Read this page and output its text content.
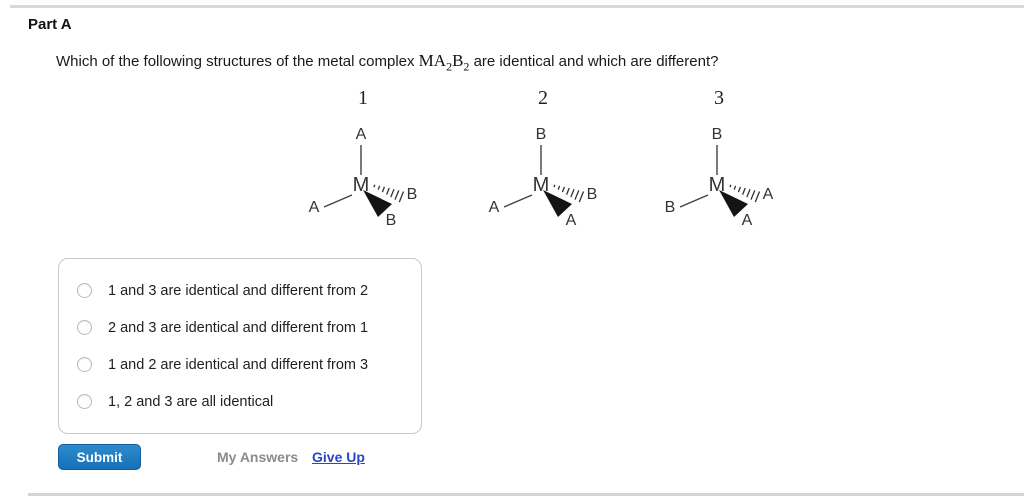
Part A
Which of the following structures of the metal complex $MA_2B_2$ are identical and which are different?
1
A
A
M B
B
2
B
A
M B
A
3
B
B
M A
A
1 and 3 are identical and different from 2
2 and 3 are identical and different from 1
1 and 2 are identical and different from 3
1, 2 and 3 are all identical
Submit	My Answers Give Up
